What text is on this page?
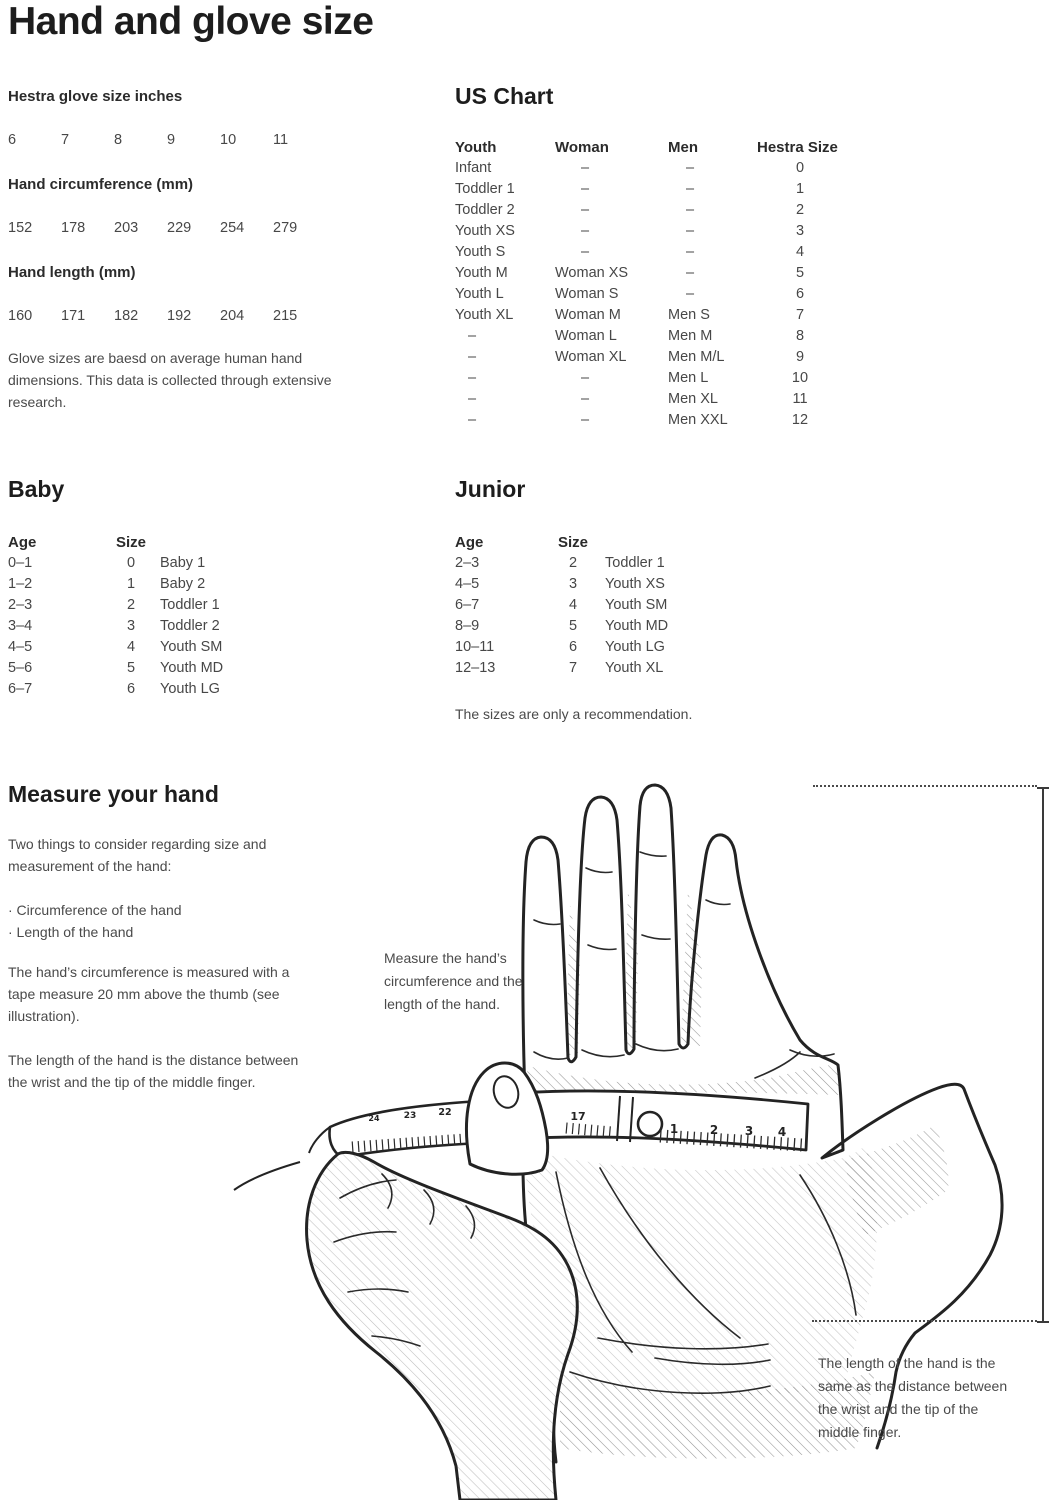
Hand and glove size
Hestra glove size inches
6	7	8	9	10	11
Hand circumference (mm)
152	178	203	229	254	279
Hand length (mm)
160	171	182	192	204	215
Glove sizes are baesd on average human hand dimensions. This data is collected through extensive research.
US Chart
Youth	Woman	Men	Hestra Size
Infant	–	–	0
Toddler 1	–	–	1
Toddler 2	–	–	2
Youth XS	–	–	3
Youth S	–	–	4
Youth M	Woman XS	–	5
Youth L	Woman S	–	6
Youth XL	Woman M	Men S	7
–	Woman L	Men M	8
–	Woman XL	Men M/L	9
–	–	Men L	10
–	–	Men XL	11
–	–	Men XXL	12
Baby
Age	Size
0–1	0	Baby 1
1–2	1	Baby 2
2–3	2	Toddler 1
3–4	3	Toddler 2
4–5	4	Youth SM
5–6	5	Youth MD
6–7	6	Youth LG
Junior
Age	Size
2–3	2	Toddler 1
4–5	3	Youth XS
6–7	4	Youth SM
8–9	5	Youth MD
10–11	6	Youth LG
12–13	7	Youth XL
The sizes are only a recommendation.
Measure your hand

Two things to consider regarding size and measurement of the hand:

· Circumference of the hand
· Length of the hand

The hand’s circumference is measured with a tape measure 20 mm above the thumb (see illustration).

The length of the hand is the distance between the wrist and the tip of the middle finger.

24	23 22	17
1	2 3 4
Measure the hand’s circumference and the length of the hand.
The length of the hand is the same as the distance between the wrist and the tip of the middle finger.
